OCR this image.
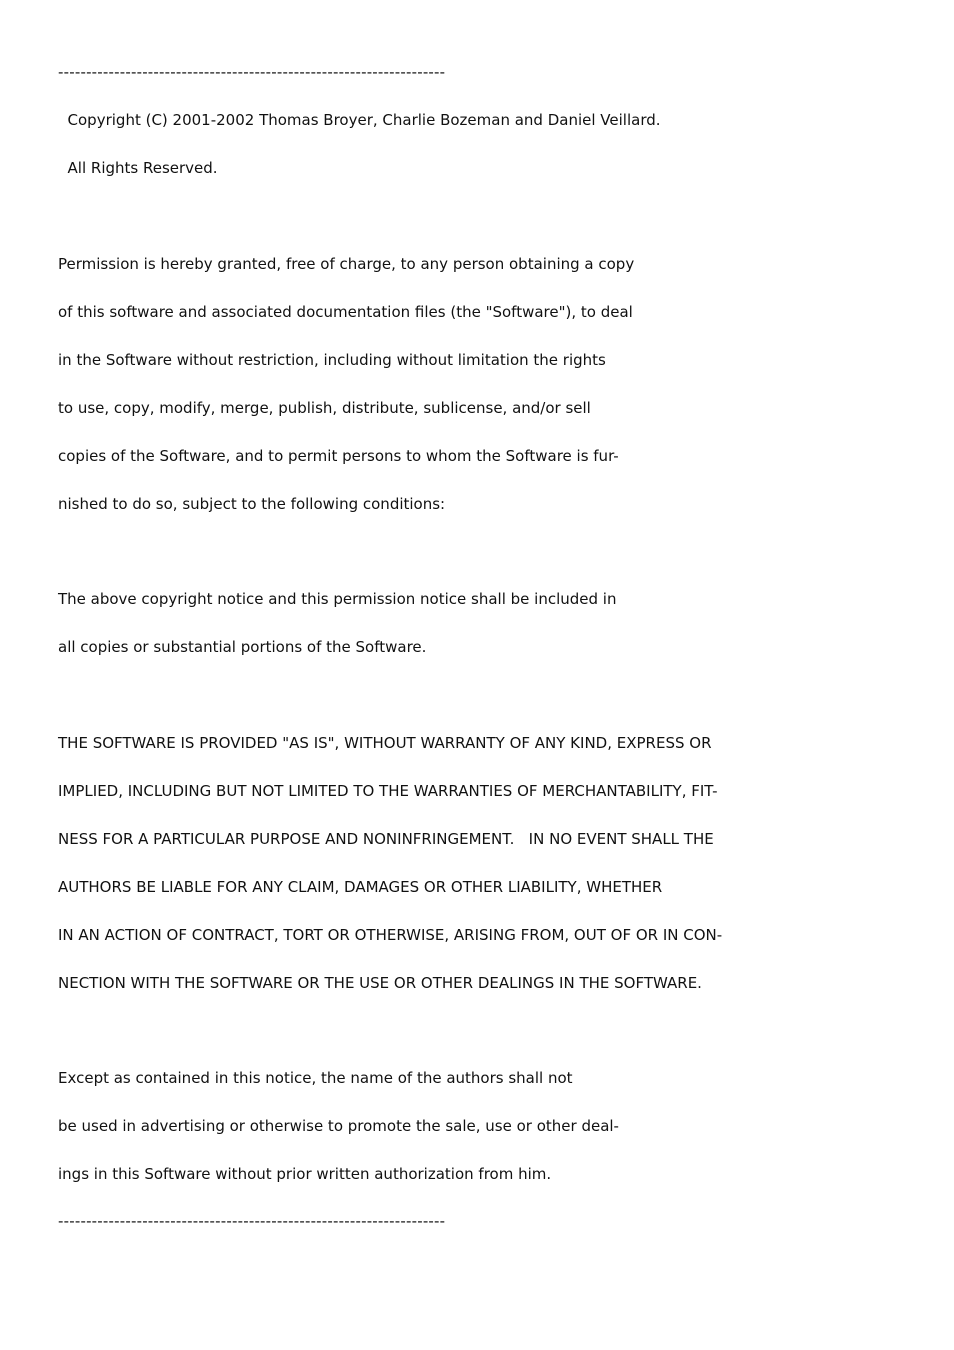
---------------------------------------------------------------------
Copyright (C) 2001-2002 Thomas Broyer, Charlie Bozeman and Daniel Veillard.
All Rights Reserved.
Permission is hereby granted, free of charge, to any person obtaining a copy
of this software and associated documentation files (the "Software"), to deal
in the Software without restriction, including without limitation the rights
to use, copy, modify, merge, publish, distribute, sublicense, and/or sell
copies of the Software, and to permit persons to whom the Software is fur-
nished to do so, subject to the following conditions:
The above copyright notice and this permission notice shall be included in
all copies or substantial portions of the Software.
THE SOFTWARE IS PROVIDED "AS IS", WITHOUT WARRANTY OF ANY KIND, EXPRESS OR
IMPLIED, INCLUDING BUT NOT LIMITED TO THE WARRANTIES OF MERCHANTABILITY, FIT-
NESS FOR A PARTICULAR PURPOSE AND NONINFRINGEMENT.   IN NO EVENT SHALL THE
AUTHORS BE LIABLE FOR ANY CLAIM, DAMAGES OR OTHER LIABILITY, WHETHER
IN AN ACTION OF CONTRACT, TORT OR OTHERWISE, ARISING FROM, OUT OF OR IN CON-
NECTION WITH THE SOFTWARE OR THE USE OR OTHER DEALINGS IN THE SOFTWARE.
Except as contained in this notice, the name of the authors shall not
be used in advertising or otherwise to promote the sale, use or other deal-
ings in this Software without prior written authorization from him.
---------------------------------------------------------------------
